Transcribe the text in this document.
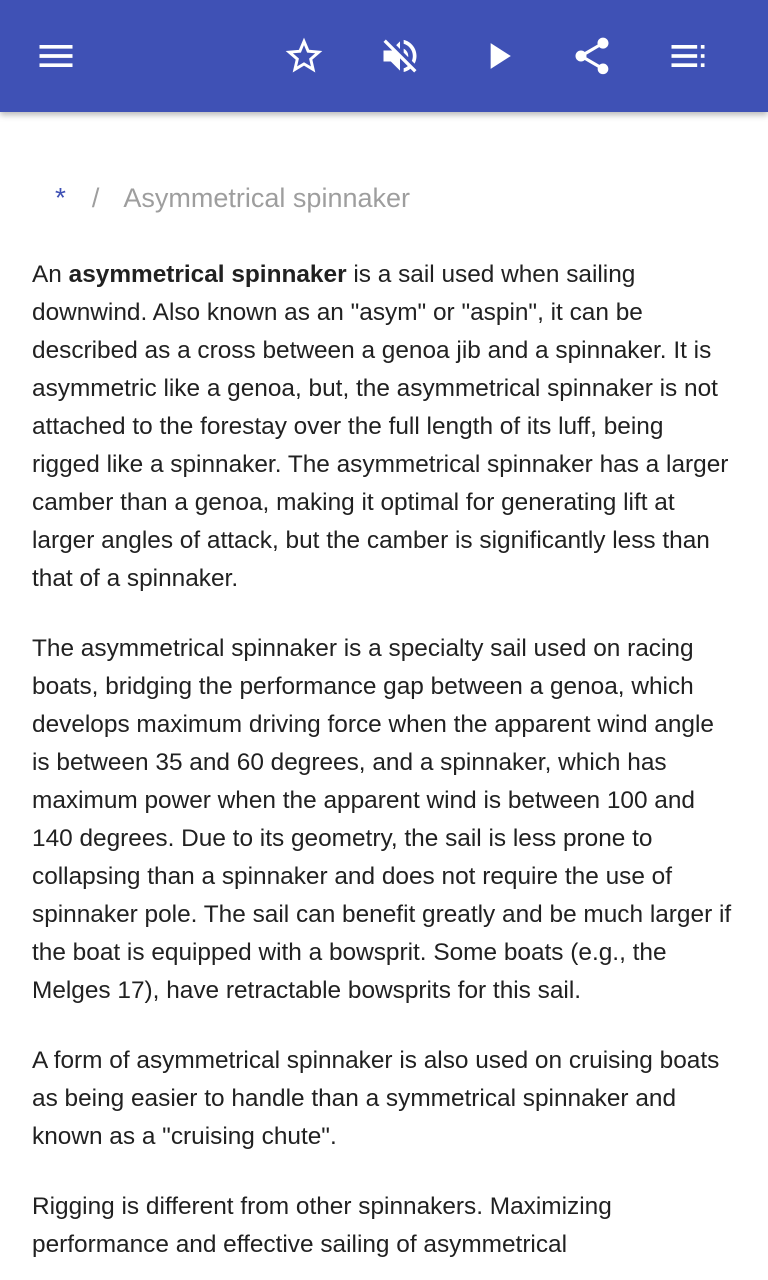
* / Asymmetrical spinnaker

An asymmetrical spinnaker is a sail used when sailing downwind. Also known as an "asym" or "aspin", it can be described as a cross between a genoa jib and a spinnaker. It is asymmetric like a genoa, but, the asymmetrical spinnaker is not attached to the forestay over the full length of its luff, being rigged like a spinnaker. The asymmetrical spinnaker has a larger camber than a genoa, making it optimal for generating lift at larger angles of attack, but the camber is significantly less than that of a spinnaker.

The asymmetrical spinnaker is a specialty sail used on racing boats, bridging the performance gap between a genoa, which develops maximum driving force when the apparent wind angle is between 35 and 60 degrees, and a spinnaker, which has maximum power when the apparent wind is between 100 and 140 degrees. Due to its geometry, the sail is less prone to collapsing than a spinnaker and does not require the use of spinnaker pole. The sail can benefit greatly and be much larger if the boat is equipped with a bowsprit. Some boats (e.g., the Melges 17), have retractable bowsprits for this sail.

A form of asymmetrical spinnaker is also used on cruising boats as being easier to handle than a symmetrical spinnaker and known as a "cruising chute".

Rigging is different from other spinnakers. Maximizing performance and effective sailing of asymmetrical
